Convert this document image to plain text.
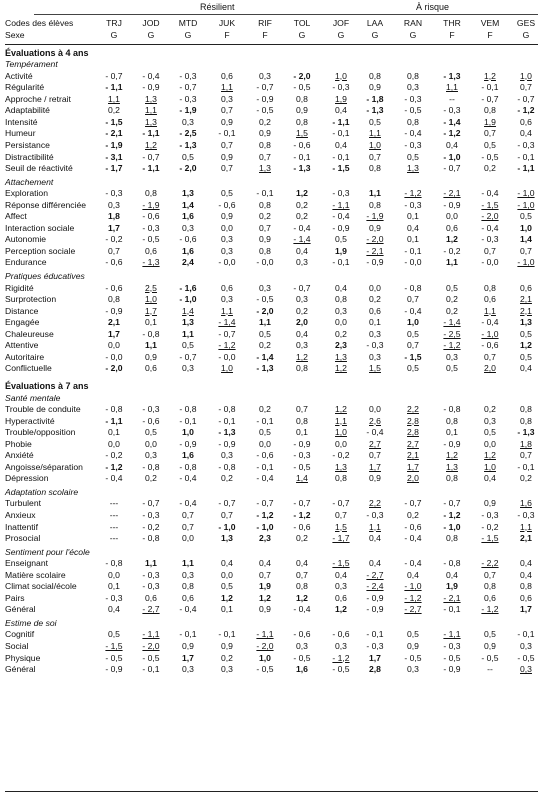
Résilient	À risque
Codes des élèves	TRJ	JOD	MTD	JUK	RIF	TOL	JOF	LAA	RAN	THR	VEM	GES
Sexe	G	G	G	F	F	G	G	G	G	F	F	G
Évaluations à 4 ans
Tempérament
Activité	- 0,7	- 0,4	- 0,3	0,6	0,3	- 2,0	1,0	0,8	0,8	- 1,3	1,2	1,0
Régularité	- 1,1	- 0,9	- 0,7	1,1	- 0,7	- 0,5	- 0,3	0,9	0,3	1,1	- 0,1	0,7
Approche / retrait	1,1	1,3	- 0,3	0,3	- 0,9	0,8	1,9	- 1,8	- 0,3	--	- 0,7	- 0,7
Adaptabilité	0,2	1,1	- 1,9	0,7	- 0,5	0,9	0,4	- 1,3	- 0,5	- 0,3	0,8	- 1,2
Intensité	- 1,5	1,3	0,3	0,9	0,2	0,8	- 1,1	0,5	0,8	- 1,4	1,9	0,6
Humeur	- 2,1	- 1,1	- 2,5	- 0,1	0,9	1,5	- 0,1	1,1	- 0,4	- 1,2	0,7	0,4
Persistance	- 1,9	1,2	- 1,3	0,7	0,8	- 0,6	0,4	1,0	- 0,3	0,4	0,5	- 0,3
Distractibilité	- 3,1	- 0,7	0,5	0,9	0,7	- 0,1	- 0,1	0,7	0,5	- 1,0	- 0,5	- 0,1
Seuil de réactivité	- 1,7	- 1,1	- 2,0	0,7	1,3	- 1,3	- 1,5	0,8	1,3	- 0,7	0,2	- 1,1
Attachement
Exploration	- 0,3	0,8	1,3	0,5	- 0,1	1,2	- 0,3	1,1	- 1,2	- 2,1	- 0,4	- 1,0
Réponse différenciée	0,3	- 1,9	1,4	- 0,6	0,8	0,2	- 1,1	0,8	- 0,3	- 0,9	- 1,5	- 1,0
Affect	1,8	- 0,6	1,6	0,9	0,2	0,2	- 0,4	- 1,9	0,1	0,0	- 2,0	0,5
Interaction sociale	1,7	- 0,3	0,3	0,0	0,7	- 0,4	- 0,9	0,9	0,4	0,6	- 0,4	1,0
Autonomie	- 0,2	- 0,5	- 0,6	0,3	0,9	- 1,4	0,5	- 2,0	0,1	1,2	- 0,3	1,4
Perception sociale	0,7	0,6	1,6	0,3	0,8	0,4	1,9	- 2,1	- 0,1	- 0,2	0,7	0,7
Endurance	- 0,6	- 1,3	2,4	- 0,0	- 0,0	0,3	- 0,1	- 0,9	- 0,0	1,1	- 0,0	- 1,0
Pratiques éducatives
Rigidité	- 0,6	2,5	- 1,6	0,6	0,3	- 0,7	0,4	0,0	- 0,8	0,5	0,8	0,6
Surprotection	0,8	1,0	- 1,0	0,3	- 0,5	0,3	0,8	0,2	0,7	0,2	0,6	2,1
Distance	- 0,9	1,7	1,4	1,1	- 2,0	0,2	0,3	0,6	- 0,4	0,2	1,1	2,1
Engagée	2,1	0,1	1,3	- 1,4	1,1	2,0	0,0	0,1	1,0	- 1,4	- 0,4	1,3
Chaleureuse	1,7	- 0,8	1,1	- 0,7	0,5	0,4	0,2	0,3	0,5	- 2,5	- 1,0	0,5
Attentive	0,0	1,1	0,5	- 1,2	0,2	0,3	2,3	- 0,3	0,7	- 1,2	- 0,6	1,2
Autoritaire	- 0,0	0,9	- 0,7	- 0,0	- 1,4	1,2	1,3	0,3	- 1,5	0,3	0,7	0,5
Conflictuelle	- 2,0	0,6	0,3	1,0	- 1,3	0,8	1,2	1,5	0,5	0,5	2,0	0,4
Évaluations à 7 ans
Santé mentale
Trouble de conduite	- 0,8	- 0,3	- 0,8	- 0,8	0,2	0,7	1,2	0,0	2,2	- 0,8	0,2	0,8
Hyperactivité	- 1,1	- 0,6	- 0,1	- 0,1	- 0,1	0,8	1,1	2,6	2,8	0,8	0,3	0,8
Trouble/opposition	0,1	0,5	1,0	- 1,3	0,5	0,1	1,0	- 0,4	2,8	0,1	0,5	- 1,3
Phobie	0,0	0,0	- 0,9	- 0,9	0,0	- 0,9	0,0	2,7	2,7	- 0,9	0,0	1,8
Anxiété	- 0,2	0,3	1,6	0,3	- 0,6	- 0,3	- 0,2	0,7	2,1	1,2	1,2	0,7
Angoisse/séparation	- 1,2	- 0,8	- 0,8	- 0,8	- 0,1	- 0,5	1,3	1,7	1,7	1,3	1,0	- 0,1
Dépression	- 0,4	0,2	- 0,4	0,2	- 0,4	1,4	0,8	0,9	2,0	0,8	0,4	0,2
Adaptation scolaire
Turbulent	---	- 0,7	- 0,4	- 0,7	- 0,7	- 0,7	- 0,7	2,2	- 0,7	- 0,7	0,9	1,6
Anxieux	---	- 0,3	0,7	0,7	- 1,2	- 1,2	0,7	- 0,3	0,2	- 1,2	- 0,3	- 0,3
Inattentif	---	- 0,2	0,7	- 1,0	- 1,0	- 0,6	1,5	1,1	- 0,6	- 1,0	- 0,2	1,1
Prosocial	---	- 0,8	0,0	1,3	2,3	0,2	- 1,7	0,4	- 0,4	0,8	- 1,5	2,1
Sentiment pour l'école
Enseignant	- 0,8	1,1	1,1	0,4	0,4	0,4	- 1,5	0,4	- 0,4	- 0,8	- 2,2	0,4
Matière scolaire	0,0	- 0,3	0,3	0,0	0,7	0,7	0,4	- 2,7	0,4	0,4	0,7	0,4
Climat social/école	0,1	- 0,3	0,8	0,5	1,9	0,8	0,3	- 2,4	- 1,0	1,9	0,8	0,8
Pairs	- 0,3	0,6	0,6	1,2	1,2	1,2	0,6	- 0,9	- 1,2	- 2,1	0,6	0,6
Général	0,4	- 2,7	- 0,4	0,1	0,9	- 0,4	1,2	- 0,9	- 2,7	- 0,1	- 1,2	1,7
Estime de soi
Cognitif	0,5	- 1,1	- 0,1	- 0,1	- 1,1	- 0,6	- 0,6	- 0,1	0,5	- 1,1	0,5	- 0,1
Social	- 1,5	- 2,0	0,9	0,9	- 2,0	0,3	0,3	- 0,3	0,9	- 0,3	0,9	0,3
Physique	- 0,5	- 0,5	1,7	0,2	1,0	- 0,5	- 1,2	1,7	- 0,5	- 0,5	- 0,5	- 0,5
Général	- 0,9	- 0,1	0,3	0,3	- 0,5	1,6	- 0,5	2,8	0,3	- 0,9	--	0,3
